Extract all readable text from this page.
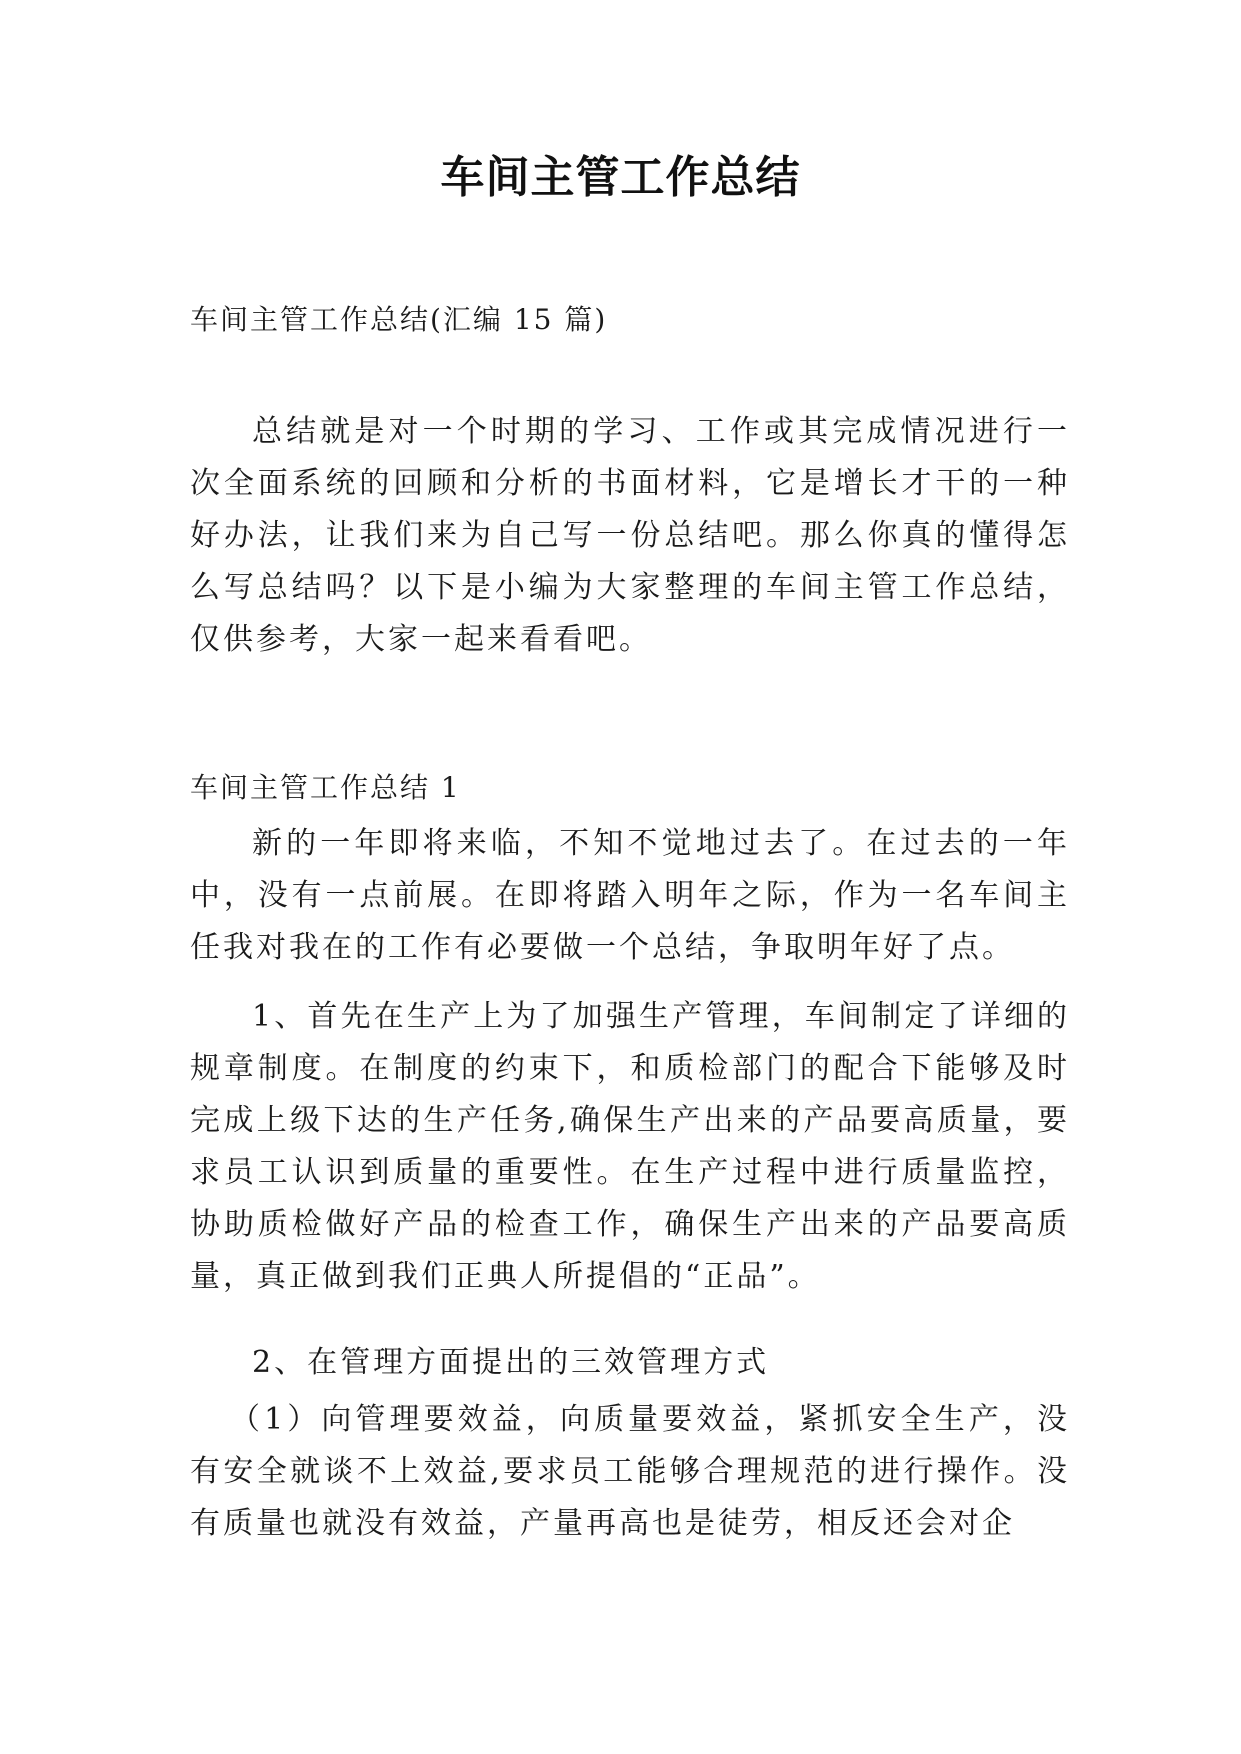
车间主管工作总结
车间主管工作总结(汇编 15 篇)
总结就是对一个时期的学习、工作或其完成情况进行一次全面系统的回顾和分析的书面材料，它是增长才干的一种好办法，让我们来为自己写一份总结吧。那么你真的懂得怎么写总结吗？以下是小编为大家整理的车间主管工作总结，仅供参考，大家一起来看看吧。
车间主管工作总结 1
新的一年即将来临，不知不觉地过去了。在过去的一年中，没有一点前展。在即将踏入明年之际，作为一名车间主任我对我在的工作有必要做一个总结，争取明年好了点。
1、首先在生产上为了加强生产管理，车间制定了详细的规章制度。在制度的约束下，和质检部门的配合下能够及时完成上级下达的生产任务,确保生产出来的产品要高质量，要求员工认识到质量的重要性。在生产过程中进行质量监控，协助质检做好产品的检查工作，确保生产出来的产品要高质量，真正做到我们正典人所提倡的“正品”。
2、在管理方面提出的三效管理方式
（1）向管理要效益，向质量要效益，紧抓安全生产，没有安全就谈不上效益,要求员工能够合理规范的进行操作。没有质量也就没有效益，产量再高也是徒劳，相反还会对企
